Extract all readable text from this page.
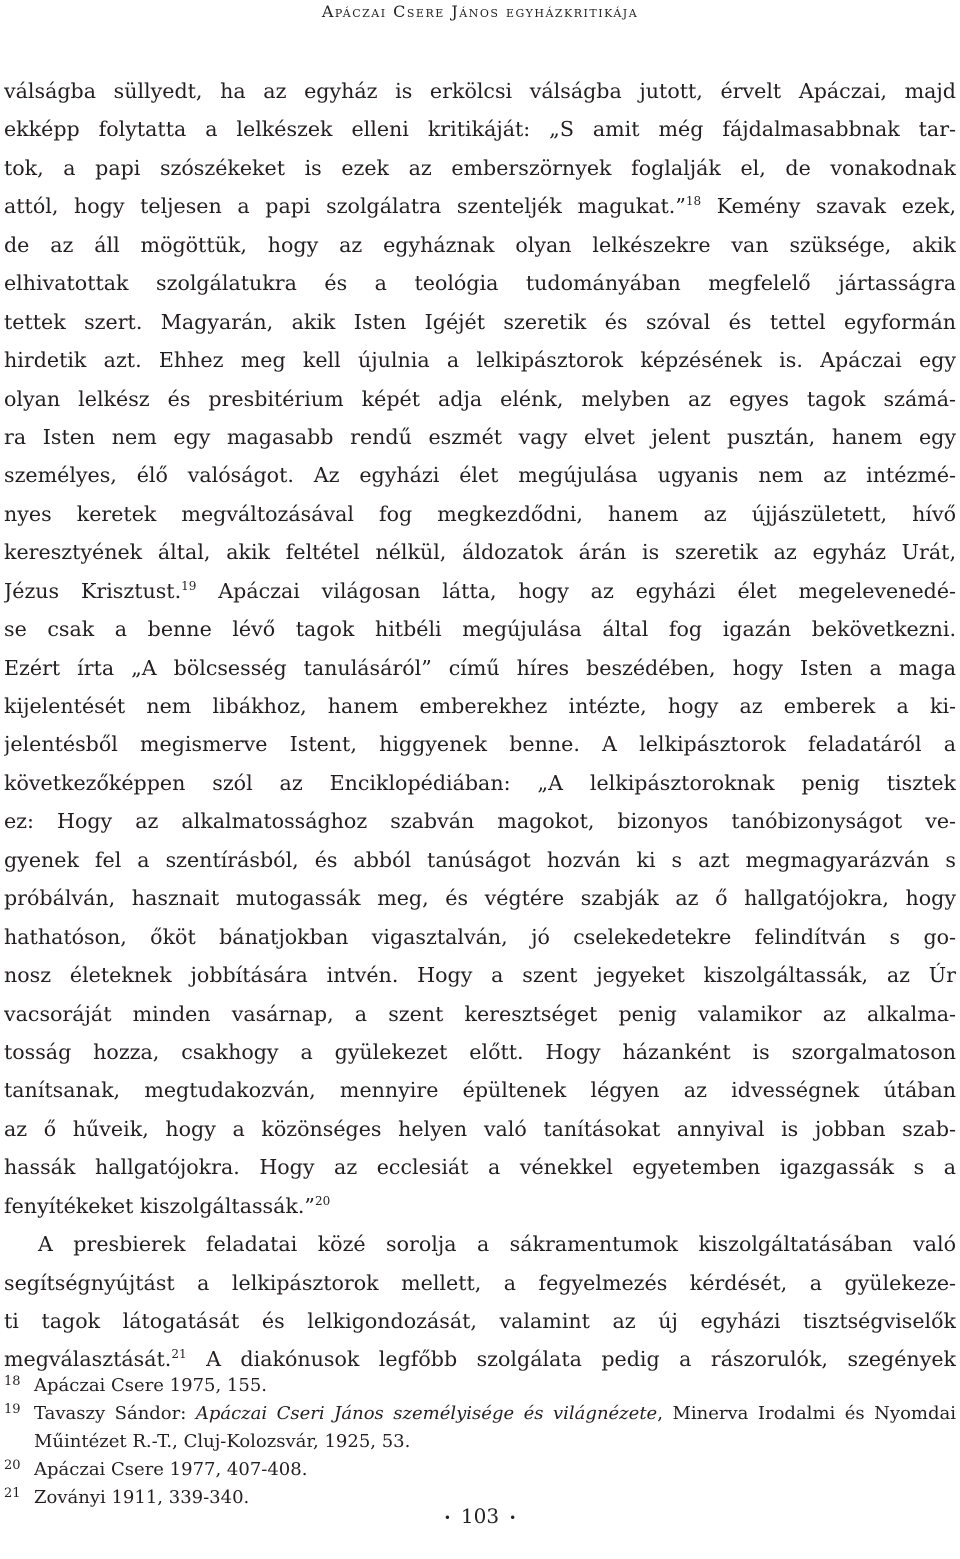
Apáczai Csere János egyházkritikája
válságba süllyedt, ha az egyház is erkölcsi válságba jutott, érvelt Apáczai, majd
ekképp folytatta a lelkészek elleni kritikáját: „S amit még fájdalmasabbnak tar-
tok, a papi szószékeket is ezek az emberszörnyek foglalják el, de vonakodnak
attól, hogy teljesen a papi szolgálatra szenteljék magukat.”$^{18}$ Kemény szavak ezek,
de az áll mögöttük, hogy az egyháznak olyan lelkészekre van szüksége, akik
elhivatottak szolgálatukra és a teológia tudományában megfelelő jártasságra
tettek szert. Magyarán, akik Isten Igéjét szeretik és szóval és tettel egyformán
hirdetik azt. Ehhez meg kell újulnia a lelkipásztorok képzésének is. Apáczai egy
olyan lelkész és presbitérium képét adja elénk, melyben az egyes tagok számá-
ra Isten nem egy magasabb rendű eszmét vagy elvet jelent pusztán, hanem egy
személyes, élő valóságot. Az egyházi élet megújulása ugyanis nem az intézmé-
nyes keretek megváltozásával fog megkezdődni, hanem az újjászületett, hívő
keresztyének által, akik feltétel nélkül, áldozatok árán is szeretik az egyház Urát,
Jézus Krisztust.$^{19}$ Apáczai világosan látta, hogy az egyházi élet megelevenedé-
se csak a benne lévő tagok hitbéli megújulása által fog igazán bekövetkezni.
Ezért írta „A bölcsesség tanulásáról” című híres beszédében, hogy Isten a maga
kijelentését nem libákhoz, hanem emberekhez intézte, hogy az emberek a ki-
jelentésből megismerve Istent, higgyenek benne. A lelkipásztorok feladatáról a
következőképpen szól az Enciklopédiában: „A lelkipásztoroknak penig tisztek
ez: Hogy az alkalmatossághoz szabván magokot, bizonyos tanóbizonyságot ve-
gyenek fel a szentírásból, és abból tanúságot hozván ki s azt megmagyarázván s
próbálván, hasznait mutogassák meg, és végtére szabják az ő hallgatójokra, hogy
hathatóson, őköt bánatjokban vigasztalván, jó cselekedetekre felindítván s go-
nosz életeknek jobbítására intvén. Hogy a szent jegyeket kiszolgáltassák, az Úr
vacsoráját minden vasárnap, a szent keresztséget penig valamikor az alkalma-
tosság hozza, csakhogy a gyülekezet előtt. Hogy házanként is szorgalmatoson
tanítsanak, megtudakozván, mennyire épültenek légyen az idvességnek útában
az ő hűveik, hogy a közönséges helyen való tanításokat annyival is jobban szab-
hassák hallgatójokra. Hogy az ecclesiát a vénekkel egyetemben igazgassák s a
fenyítékeket kiszolgáltassák.”$^{20}$
A presbierek feladatai közé sorolja a sákramentumok kiszolgáltatásában való
segítségnyújtást a lelkipásztorok mellett, a fegyelmezés kérdését, a gyülekeze-
ti tagok látogatását és lelkigondozását, valamint az új egyházi tisztségviselők
megválasztását.$^{21}$ A diakónusok legfőbb szolgálata pedig a rászorulók, szegények
18 Apáczai Csere 1975, 155.
19 Tavaszy Sándor: Apáczai Cseri János személyisége és világnézete, Minerva Irodalmi és Nyomdai
Műintézet R.-T., Cluj-Kolozsvár, 1925, 53.
20 Apáczai Csere 1977, 407-408.
21 Zoványi 1911, 339-340.
• 103 •
